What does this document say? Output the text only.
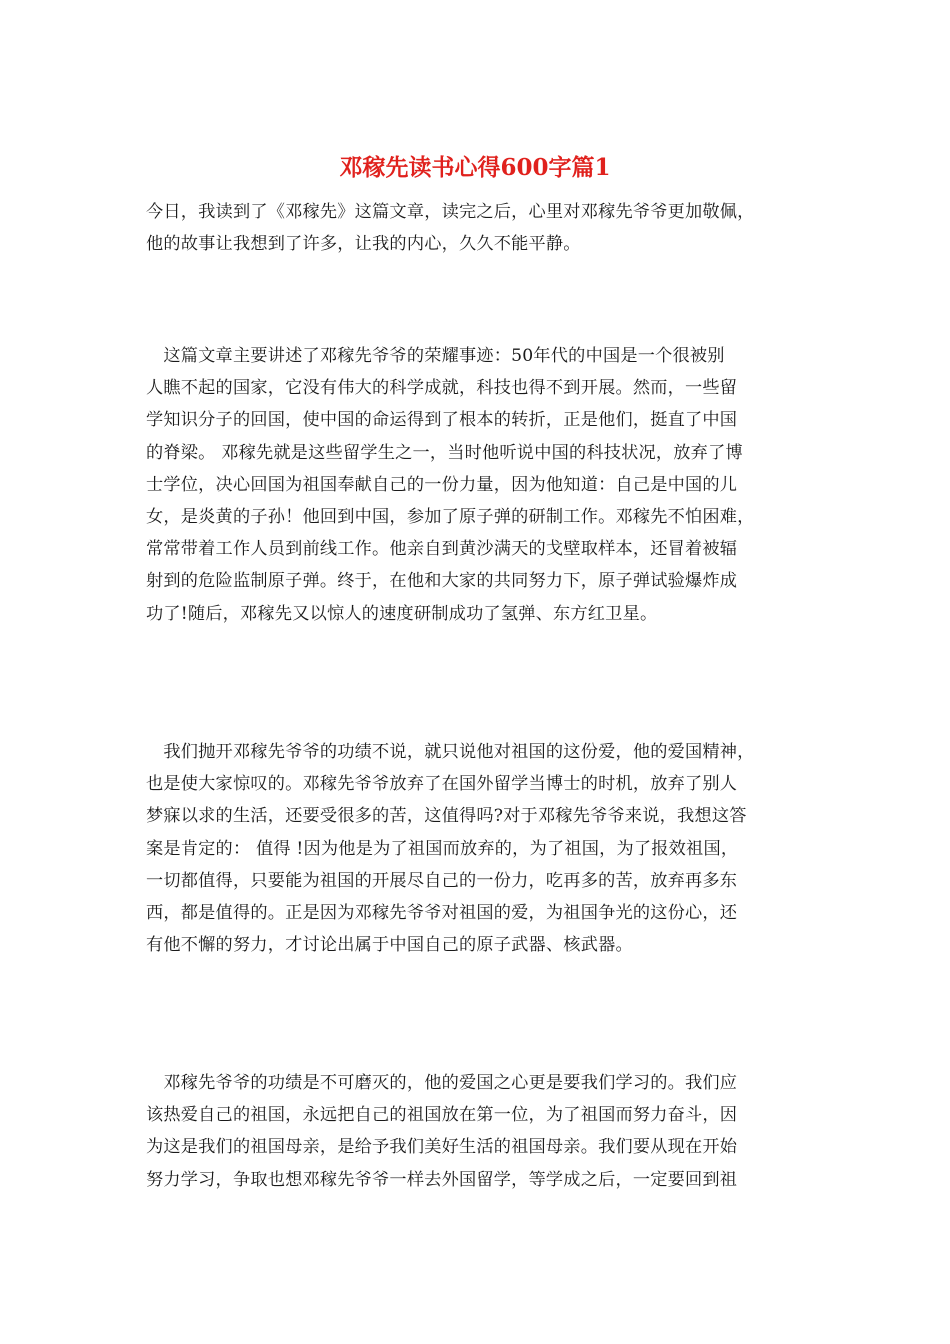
邓稼先读书心得600字篇1
今日，我读到了《邓稼先》这篇文章，读完之后，心里对邓稼先爷爷更加敬佩，
他的故事让我想到了许多，让我的内心，久久不能平静。
　这篇文章主要讲述了邓稼先爷爷的荣耀事迹：50年代的中国是一个很被别
人瞧不起的国家，它没有伟大的科学成就，科技也得不到开展。然而，一些留
学知识分子的回国，使中国的命运得到了根本的转折，正是他们，挺直了中国
的脊梁。 邓稼先就是这些留学生之一，当时他听说中国的科技状况，放弃了博
士学位，决心回国为祖国奉献自己的一份力量，因为他知道：自己是中国的儿
女，是炎黄的子孙！他回到中国，参加了原子弹的研制工作。邓稼先不怕困难，
常常带着工作人员到前线工作。他亲自到黄沙满天的戈壁取样本，还冒着被辐
射到的危险监制原子弹。终于，在他和大家的共同努力下，原子弹试验爆炸成
功了!随后，邓稼先又以惊人的速度研制成功了氢弹、东方红卫星。
　我们抛开邓稼先爷爷的功绩不说，就只说他对祖国的这份爱，他的爱国精神，
也是使大家惊叹的。邓稼先爷爷放弃了在国外留学当博士的时机，放弃了别人
梦寐以求的生活，还要受很多的苦，这值得吗?对于邓稼先爷爷来说，我想这答
案是肯定的： 值得 !因为他是为了祖国而放弃的，为了祖国，为了报效祖国，
一切都值得，只要能为祖国的开展尽自己的一份力，吃再多的苦，放弃再多东
西，都是值得的。正是因为邓稼先爷爷对祖国的爱，为祖国争光的这份心，还
有他不懈的努力，才讨论出属于中国自己的原子武器、核武器。
　邓稼先爷爷的功绩是不可磨灭的，他的爱国之心更是要我们学习的。我们应
该热爱自己的祖国，永远把自己的祖国放在第一位，为了祖国而努力奋斗，因
为这是我们的祖国母亲，是给予我们美好生活的祖国母亲。我们要从现在开始
努力学习，争取也想邓稼先爷爷一样去外国留学，等学成之后，一定要回到祖
